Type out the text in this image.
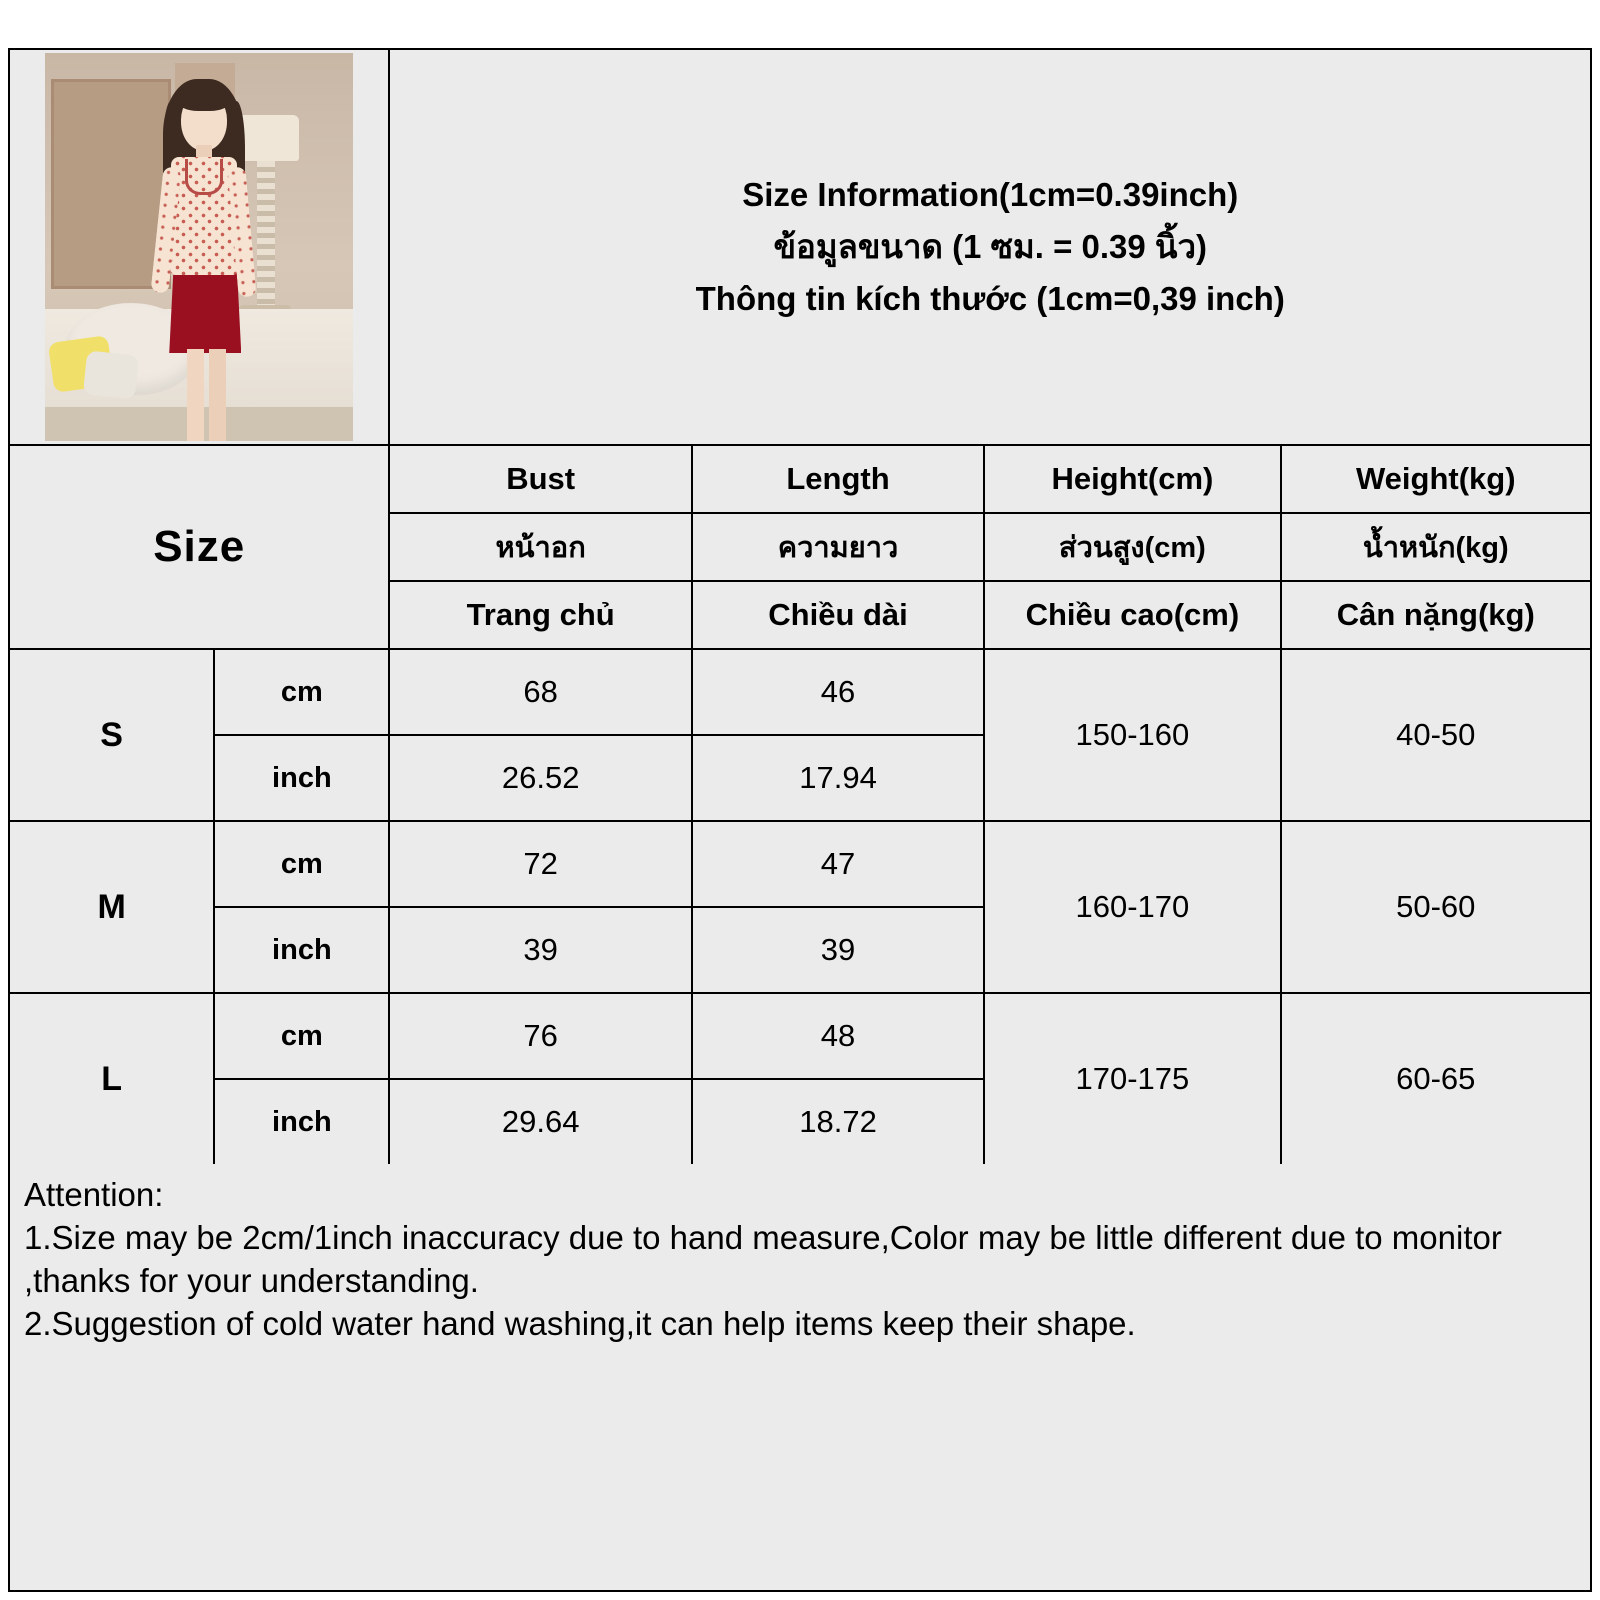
		Size Information(1cm=0.39inch)
ข้อมูลขนาด (1 ซม. = 0.39 นิ้ว)
Thông tin kích thước (1cm=0,39 inch)			

Size		Bust	Length	Height(cm)	Weight(kg)
		หน้าอก	ความยาว	ส่วนสูง(cm)	น้ำหนัก(kg)
		Trang chủ	Chiều dài	Chiều cao(cm)	Cân nặng(kg)
S	cm	68	46	150-160	40-50
	inch	26.52	17.94		
M	cm	72	47	160-170	50-60
	inch	39	39		
L	cm	76	48	170-175	60-65
	inch	29.64	18.72		
Attention:
1.Size may be 2cm/1inch inaccuracy due to hand measure,Color may be little different due to monitor ,thanks for your understanding.
2.Suggestion of cold water hand washing,it can help items keep their shape.
